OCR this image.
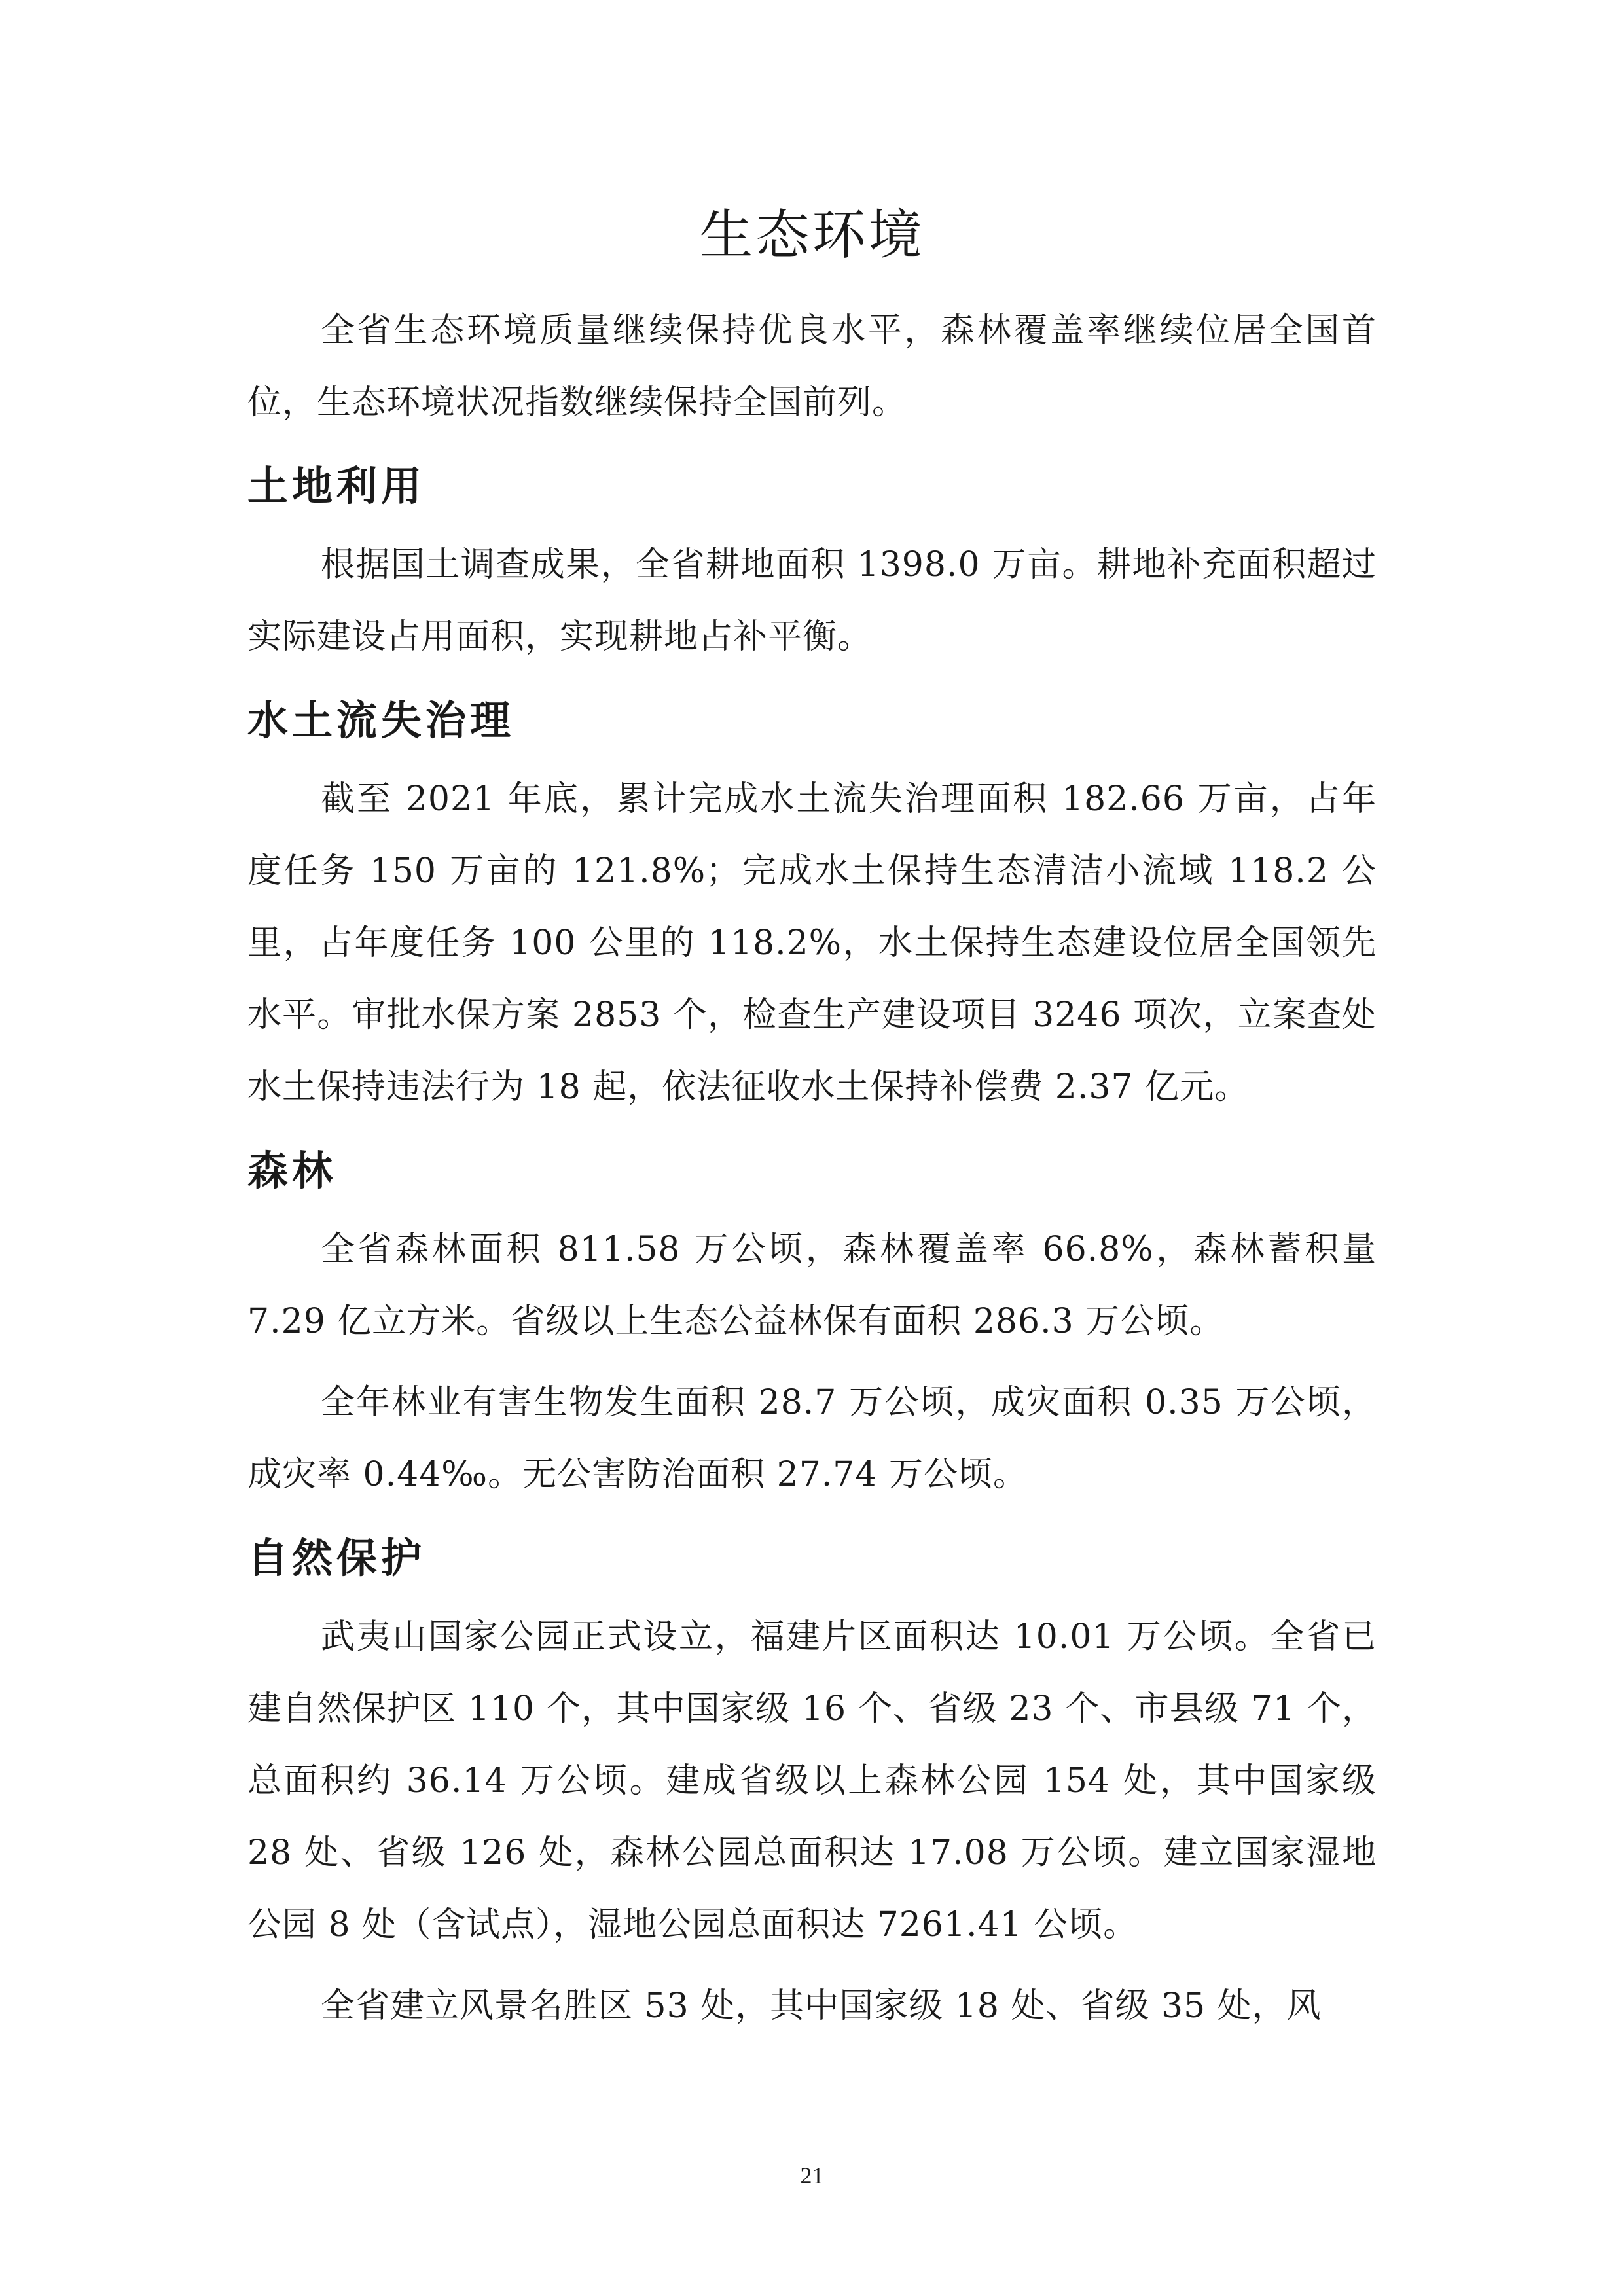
生态环境

全省生态环境质量继续保持优良水平，森林覆盖率继续位居全国首位，生态环境状况指数继续保持全国前列。

土地利用

根据国土调查成果，全省耕地面积 1398.0 万亩。耕地补充面积超过实际建设占用面积，实现耕地占补平衡。

水土流失治理

截至 2021 年底，累计完成水土流失治理面积 182.66 万亩，占年度任务 150 万亩的 121.8%；完成水土保持生态清洁小流域 118.2 公里，占年度任务 100 公里的 118.2%，水土保持生态建设位居全国领先水平。审批水保方案 2853 个，检查生产建设项目 3246 项次，立案查处水土保持违法行为 18 起，依法征收水土保持补偿费 2.37 亿元。

森林

全省森林面积 811.58 万公顷，森林覆盖率 66.8%，森林蓄积量 7.29 亿立方米。省级以上生态公益林保有面积 286.3 万公顷。

全年林业有害生物发生面积 28.7 万公顷，成灾面积 0.35 万公顷，成灾率 0.44‰。无公害防治面积 27.74 万公顷。

自然保护

武夷山国家公园正式设立，福建片区面积达 10.01 万公顷。全省已建自然保护区 110 个，其中国家级 16 个、省级 23 个、市县级 71 个，总面积约 36.14 万公顷。建成省级以上森林公园 154 处，其中国家级 28 处、省级 126 处，森林公园总面积达 17.08 万公顷。建立国家湿地公园 8 处（含试点），湿地公园总面积达 7261.41 公顷。

全省建立风景名胜区 53 处，其中国家级 18 处、省级 35 处，风

21
